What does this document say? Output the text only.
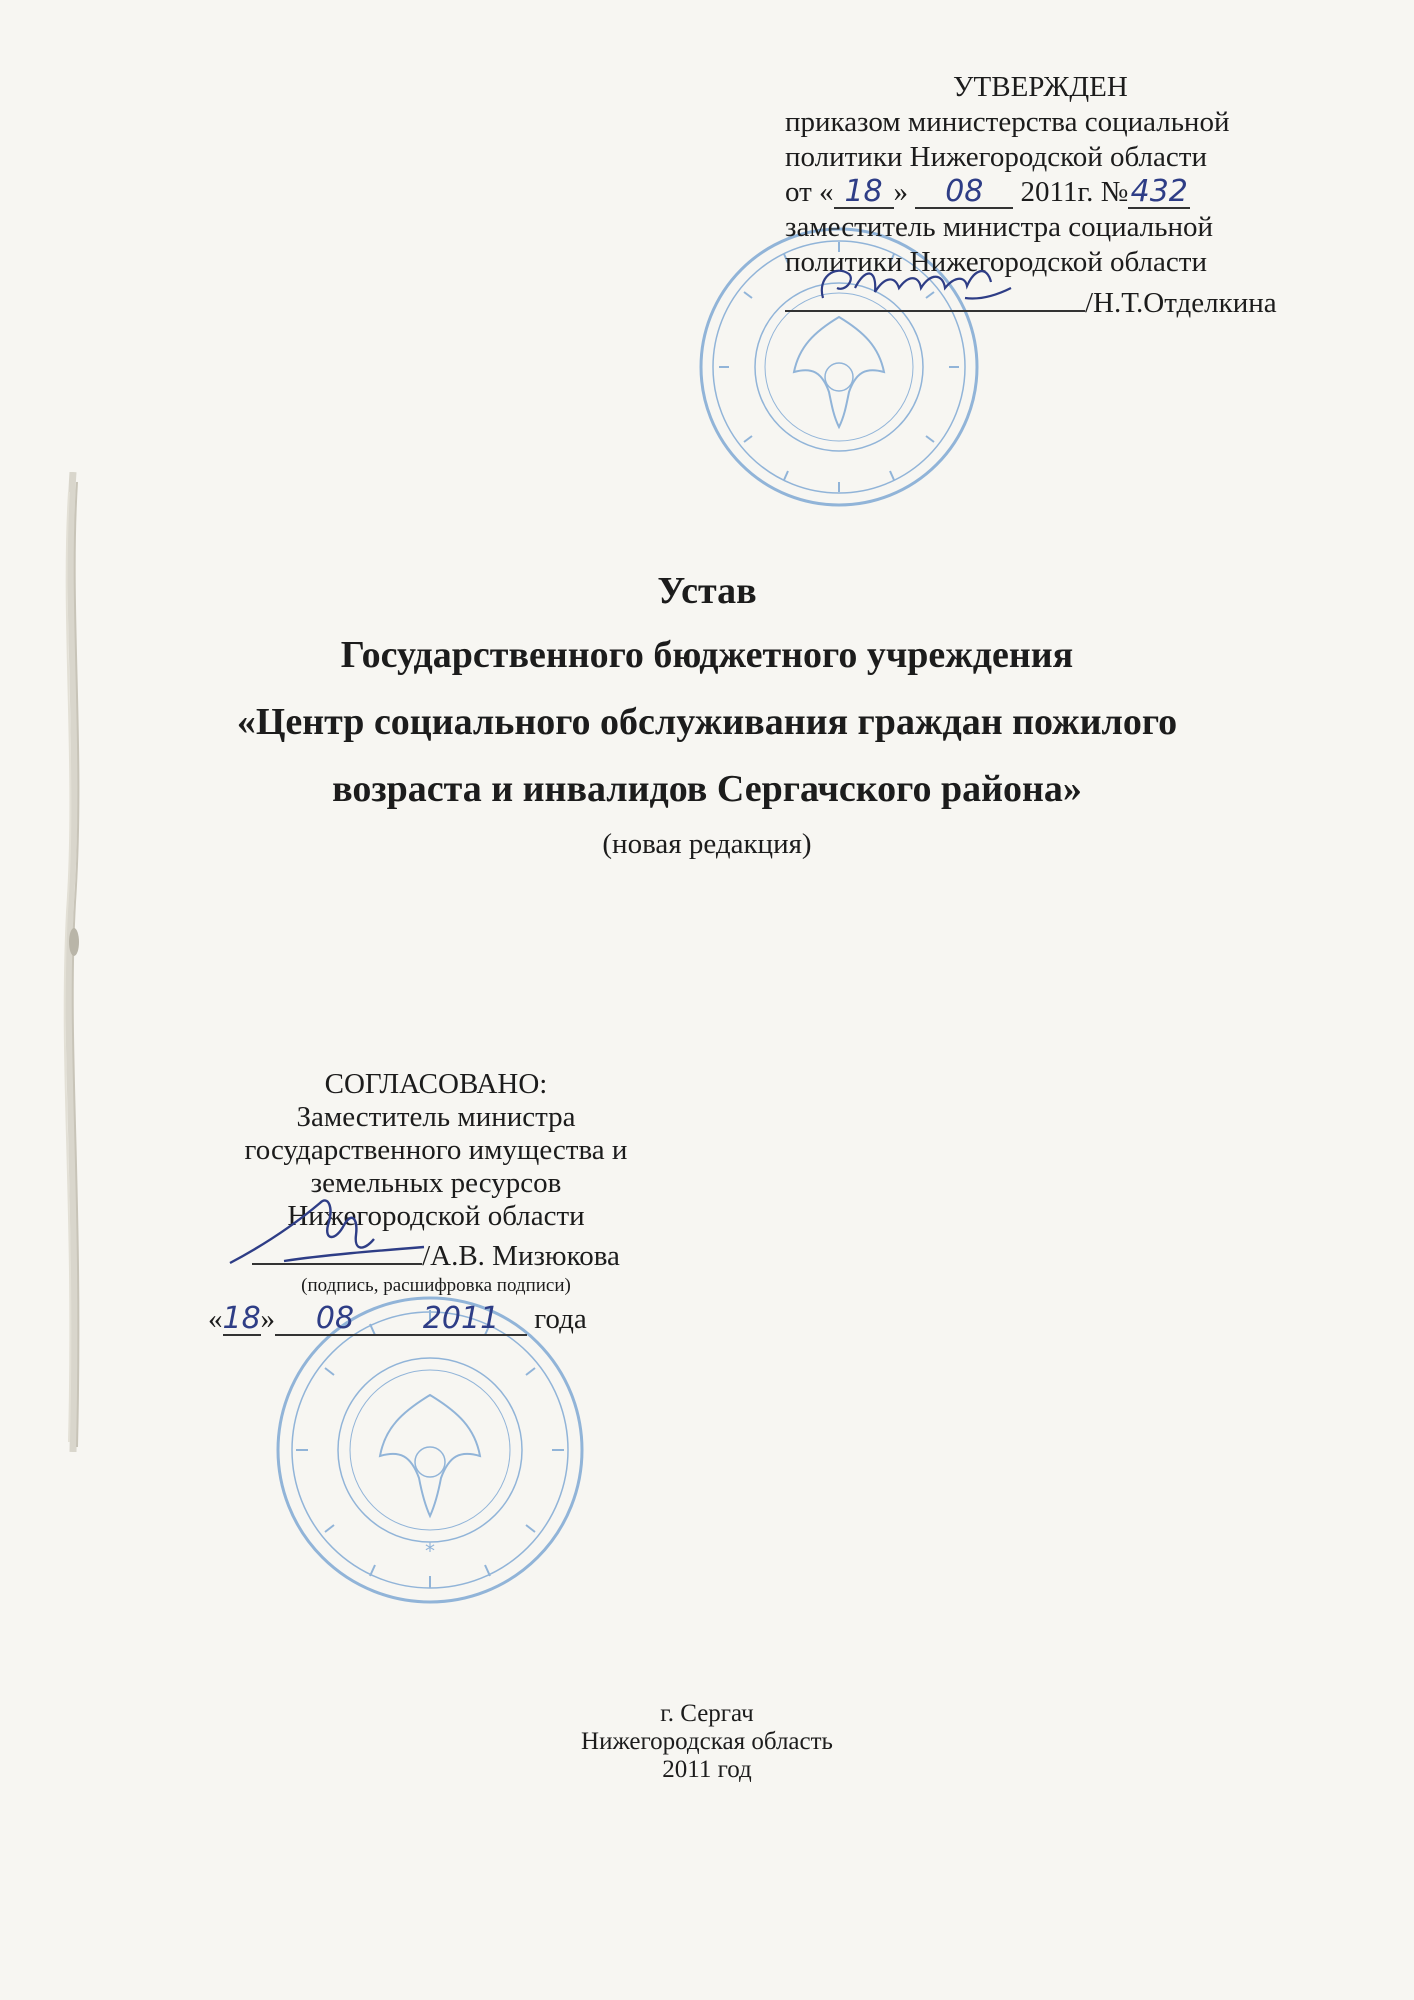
*
УТВЕРЖДЕН
приказом министерства социальной
политики Нижегородской области
от « 18 » 08 2011г. №432
заместитель министра социальной
политики Нижегородской области
/Н.Т.Отделкина
Устав
Государственного бюджетного учреждения
«Центр социального обслуживания граждан пожилого
возраста и инвалидов Сергачского района»
(новая редакция)
СОГЛАСОВАНО:
Заместитель министра
государственного имущества и
земельных ресурсов
Нижегородской области
/А.В. Мизюкова
(подпись, расшифровка подписи)
«18» 08 2011 года
г. Сергач
Нижегородская область
2011 год
